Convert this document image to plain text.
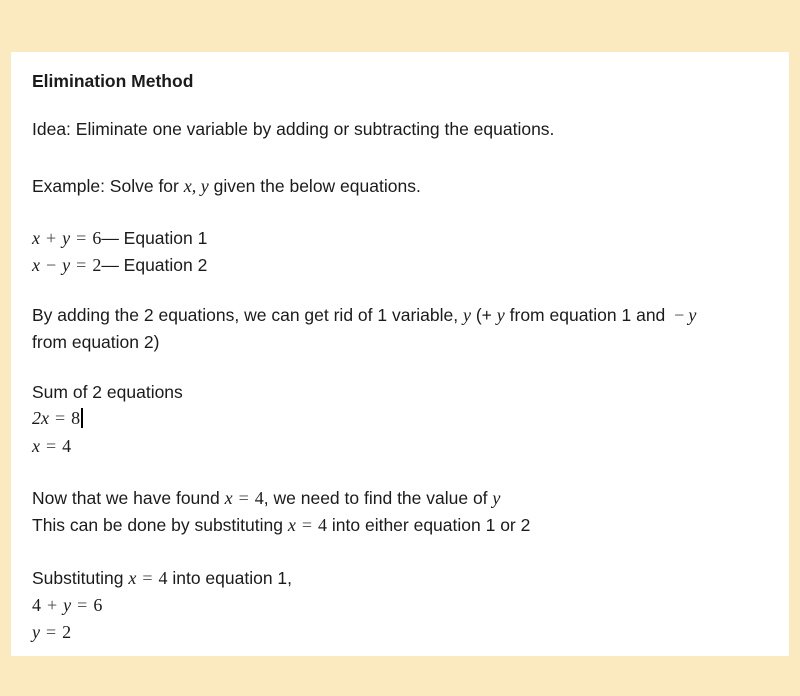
Elimination Method
Idea: Eliminate one variable by adding or subtracting the equations.
Example: Solve for x, y given the below equations.
x + y = 6— Equation 1
x − y = 2— Equation 2
By adding the 2 equations, we can get rid of 1 variable, y (+ y from equation 1 and − y
from equation 2)
Sum of 2 equations
2x = 8
x = 4
Now that we have found x = 4, we need to find the value of y
This can be done by substituting x = 4 into either equation 1 or 2
Substituting x = 4 into equation 1,
4 + y = 6
y = 2
